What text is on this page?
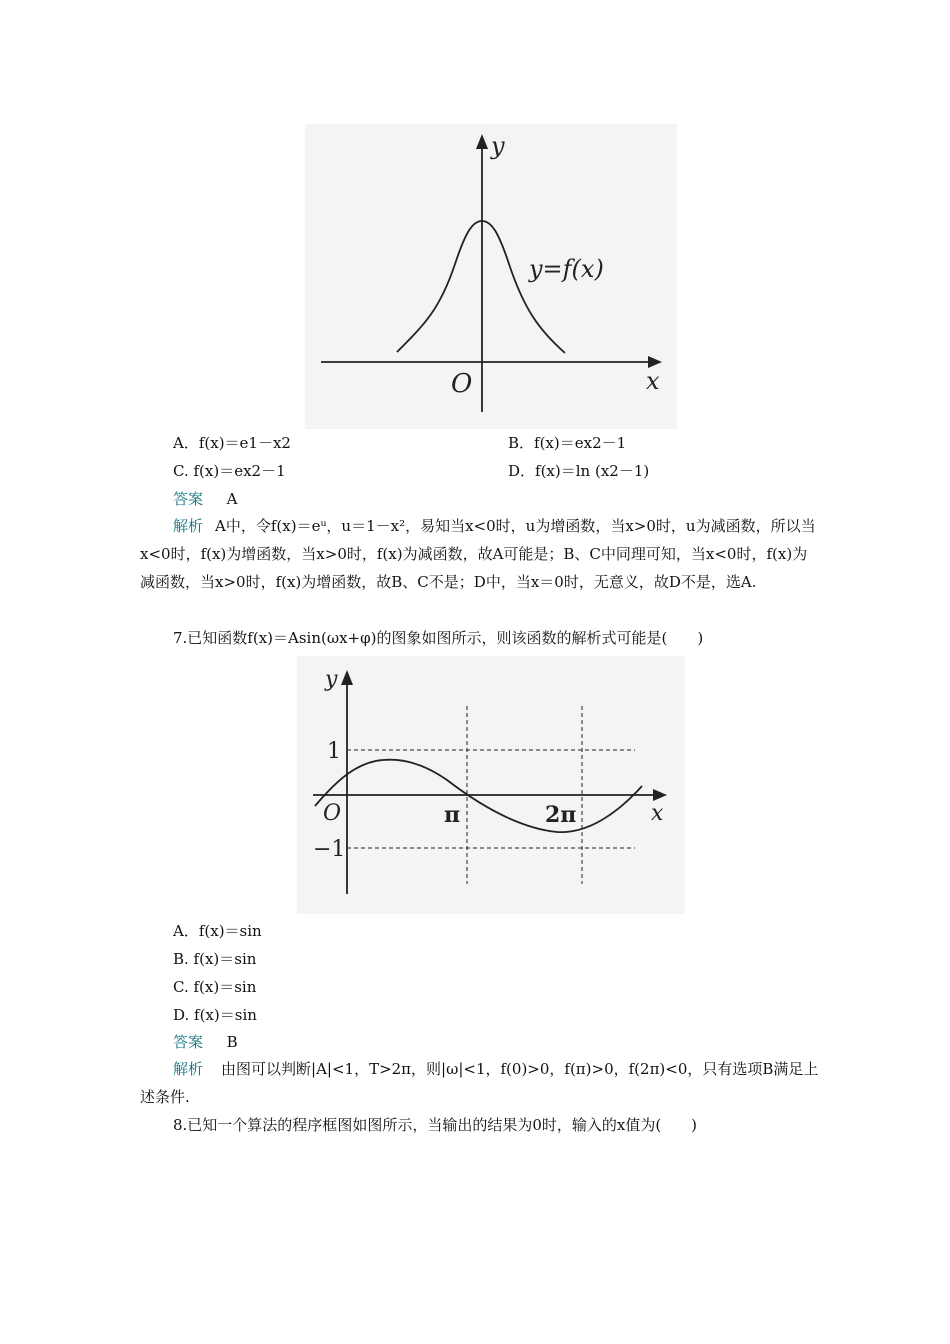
y
x
O
y=f(x)
A．f(x)＝e1－x2	B．f(x)＝ex2－1
C. f(x)＝ex2－1	D．f(x)＝ln (x2－1)
答案 A
解析 A中，令f(x)＝eᵘ，u＝1－x²，易知当x<0时，u为增函数，当x>0时，u为减函数，所以当x<0时，f(x)为增函数，当x>0时，f(x)为减函数，故A可能是；B、C中同理可知，当x<0时，f(x)为减函数，当x>0时，f(x)为增函数，故B、C不是；D中，当x＝0时，无意义，故D不是，选A.
7.已知函数f(x)＝Asin(ωx+φ)的图象如图所示，则该函数的解析式可能是(　　)
y
x
O
1
−1
π	2π
A．f(x)＝sin
B. f(x)＝sin
C. f(x)＝sin
D. f(x)＝sin
答案 B
解析 由图可以判断|A|<1，T>2π，则|ω|<1，f(0)>0，f(π)>0，f(2π)<0，只有选项B满足上述条件.
8.已知一个算法的程序框图如图所示，当输出的结果为0时，输入的x值为(　　)
